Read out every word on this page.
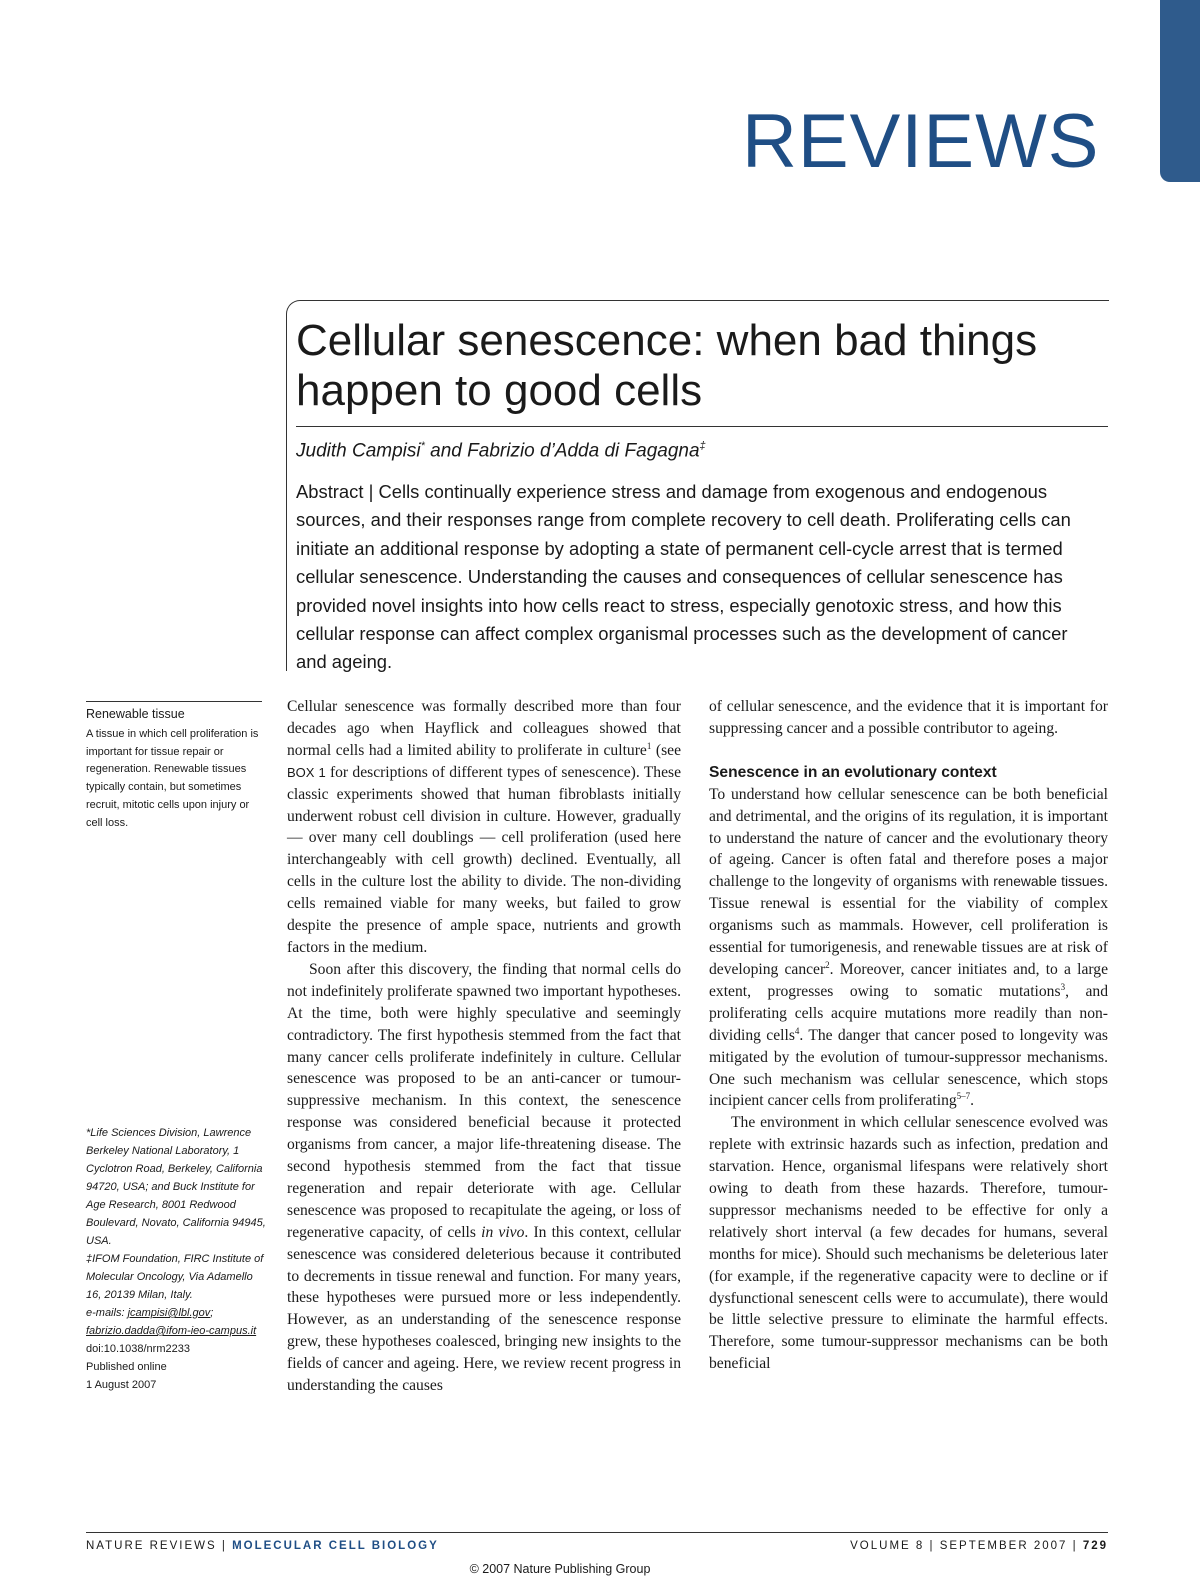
REVIEWS
Cellular senescence: when bad things happen to good cells

Judith Campisi* and Fabrizio d’Adda di Fagagna‡

Abstract | Cells continually experience stress and damage from exogenous and endogenous sources, and their responses range from complete recovery to cell death. Proliferating cells can initiate an additional response by adopting a state of permanent cell-cycle arrest that is termed cellular senescence. Understanding the causes and consequences of cellular senescence has provided novel insights into how cells react to stress, especially genotoxic stress, and how this cellular response can affect complex organismal processes such as the development of cancer and ageing.

Renewable tissue
A tissue in which cell proliferation is important for tissue repair or regeneration. Renewable tissues typically contain, but sometimes recruit, mitotic cells upon injury or cell loss.
*Life Sciences Division, Lawrence Berkeley National Laboratory, 1 Cyclotron Road, Berkeley, California 94720, USA; and Buck Institute for Age Research, 8001 Redwood Boulevard, Novato, California 94945, USA.
‡IFOM Foundation, FIRC Institute of Molecular Oncology, Via Adamello 16, 20139 Milan, Italy.
e-mails: jcampisi@lbl.gov; fabrizio.dadda@ifom-ieo-campus.it
doi:10.1038/nrm2233
Published online
1 August 2007

Cellular senescence was formally described more than four decades ago when Hayflick and colleagues showed that normal cells had a limited ability to proliferate in culture$^1$ (see BOX 1 for descriptions of different types of senescence). These classic experiments showed that human fibroblasts initially underwent robust cell division in culture. However, gradually — over many cell doublings — cell proliferation (used here interchangeably with cell growth) declined. Eventually, all cells in the culture lost the ability to divide. The non-dividing cells remained viable for many weeks, but failed to grow despite the presence of ample space, nutrients and growth factors in the medium.

Soon after this discovery, the finding that normal cells do not indefinitely proliferate spawned two important hypotheses. At the time, both were highly speculative and seemingly contradictory. The first hypothesis stemmed from the fact that many cancer cells proliferate indefinitely in culture. Cellular senescence was proposed to be an anti-cancer or tumour-suppressive mechanism. In this context, the senescence response was considered beneficial because it protected organisms from cancer, a major life-threatening disease. The second hypothesis stemmed from the fact that tissue regeneration and repair deteriorate with age. Cellular senescence was proposed to recapitulate the ageing, or loss of regenerative capacity, of cells in vivo. In this context, cellular senescence was considered deleterious because it contributed to decrements in tissue renewal and function. For many years, these hypotheses were pursued more or less independently. However, as an understanding of the senescence response grew, these hypotheses coalesced, bringing new insights to the fields of cancer and ageing. Here, we review recent progress in understanding the causes

of cellular senescence, and the evidence that it is important for suppressing cancer and a possible contributor to ageing.

Senescence in an evolutionary context

To understand how cellular senescence can be both beneficial and detrimental, and the origins of its regulation, it is important to understand the nature of cancer and the evolutionary theory of ageing. Cancer is often fatal and therefore poses a major challenge to the longevity of organisms with renewable tissues. Tissue renewal is essential for the viability of complex organisms such as mammals. However, cell proliferation is essential for tumorigenesis, and renewable tissues are at risk of developing cancer$^2$. Moreover, cancer initiates and, to a large extent, progresses owing to somatic mutations$^3$, and proliferating cells acquire mutations more readily than non-dividing cells$^4$. The danger that cancer posed to longevity was mitigated by the evolution of tumour-suppressor mechanisms. One such mechanism was cellular senescence, which stops incipient cancer cells from proliferating$^{5-7}$.

The environment in which cellular senescence evolved was replete with extrinsic hazards such as infection, predation and starvation. Hence, organismal lifespans were relatively short owing to death from these hazards. Therefore, tumour-suppressor mechanisms needed to be effective for only a relatively short interval (a few decades for humans, several months for mice). Should such mechanisms be deleterious later (for example, if the regenerative capacity were to decline or if dysfunctional senescent cells were to accumulate), there would be little selective pressure to eliminate the harmful effects. Therefore, some tumour-suppressor mechanisms can be both beneficial

NATURE REVIEWS | MOLECULAR CELL BIOLOGY	VOLUME 8 | SEPTEMBER 2007 | 729
© 2007 Nature Publishing Group
